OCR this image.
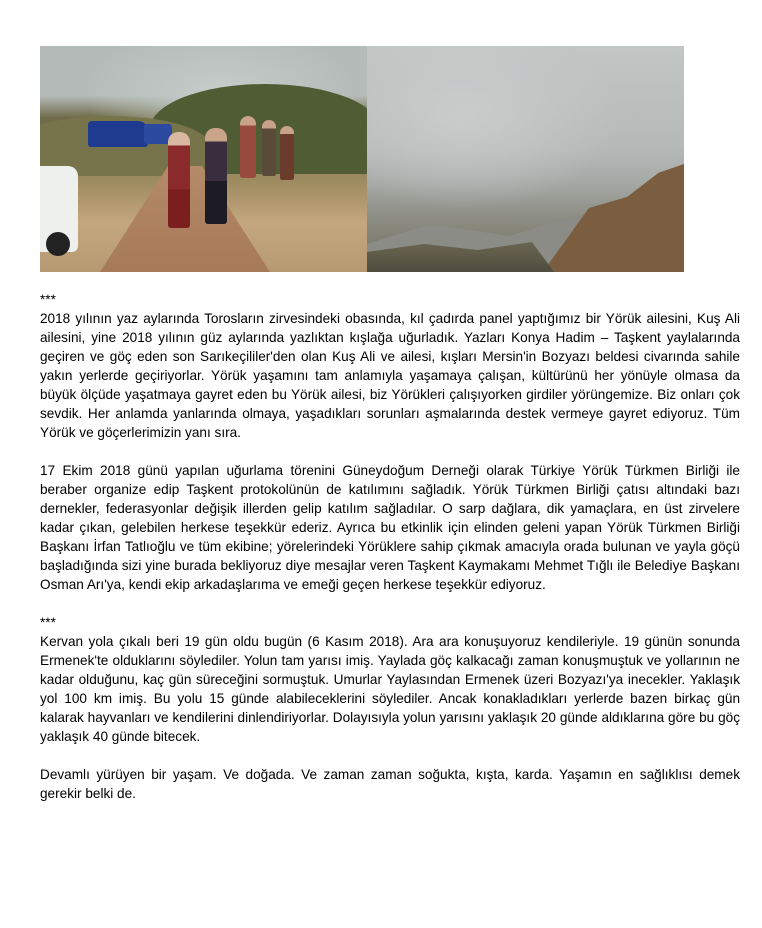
***

2018 yılının yaz aylarında Torosların zirvesindeki obasında, kıl çadırda panel yaptığımız bir Yörük ailesini, Kuş Ali ailesini, yine 2018 yılının güz aylarında yazlıktan kışlağa uğurladık. Yazları Konya Hadim – Taşkent yaylalarında geçiren ve göç eden son Sarıkeçililer'den olan Kuş Ali ve ailesi, kışları Mersin'in Bozyazı beldesi civarında sahile yakın yerlerde geçiriyorlar. Yörük yaşamını tam anlamıyla yaşamaya çalışan, kültürünü her yönüyle olmasa da büyük ölçüde yaşatmaya gayret eden bu Yörük ailesi, biz Yörükleri çalışıyorken girdiler yörüngemize. Biz onları çok sevdik. Her anlamda yanlarında olmaya, yaşadıkları sorunları aşmalarında destek vermeye gayret ediyoruz. Tüm Yörük ve göçerlerimizin yanı sıra.

17 Ekim 2018 günü yapılan uğurlama törenini Güneydoğum Derneği olarak Türkiye Yörük Türkmen Birliği ile beraber organize edip Taşkent protokolünün de katılımını sağladık. Yörük Türkmen Birliği çatısı altındaki bazı dernekler, federasyonlar değişik illerden gelip katılım sağladılar. O sarp dağlara, dik yamaçlara, en üst zirvelere kadar çıkan, gelebilen herkese teşekkür ederiz. Ayrıca bu etkinlik için elinden geleni yapan Yörük Türkmen Birliği Başkanı İrfan Tatlıoğlu ve tüm ekibine; yörelerindeki Yörüklere sahip çıkmak amacıyla orada bulunan ve yayla göçü başladığında sizi yine burada bekliyoruz diye mesajlar veren Taşkent Kaymakamı Mehmet Tığlı ile Belediye Başkanı Osman Arı'ya, kendi ekip arkadaşlarıma ve emeği geçen herkese teşekkür ediyoruz.

***

Kervan yola çıkalı beri 19 gün oldu bugün (6 Kasım 2018). Ara ara konuşuyoruz kendileriyle. 19 günün sonunda Ermenek'te olduklarını söylediler. Yolun tam yarısı imiş. Yaylada göç kalkacağı zaman konuşmuştuk ve yollarının ne kadar olduğunu, kaç gün süreceğini sormuştuk. Umurlar Yaylasından Ermenek üzeri Bozyazı'ya inecekler. Yaklaşık yol 100 km imiş. Bu yolu 15 günde alabileceklerini söylediler. Ancak konakladıkları yerlerde bazen birkaç gün kalarak hayvanları ve kendilerini dinlendiriyorlar. Dolayısıyla yolun yarısını yaklaşık 20 günde aldıklarına göre bu göç yaklaşık 40 günde bitecek.

Devamlı yürüyen bir yaşam. Ve doğada. Ve zaman zaman soğukta, kışta, karda. Yaşamın en sağlıklısı demek gerekir belki de.
